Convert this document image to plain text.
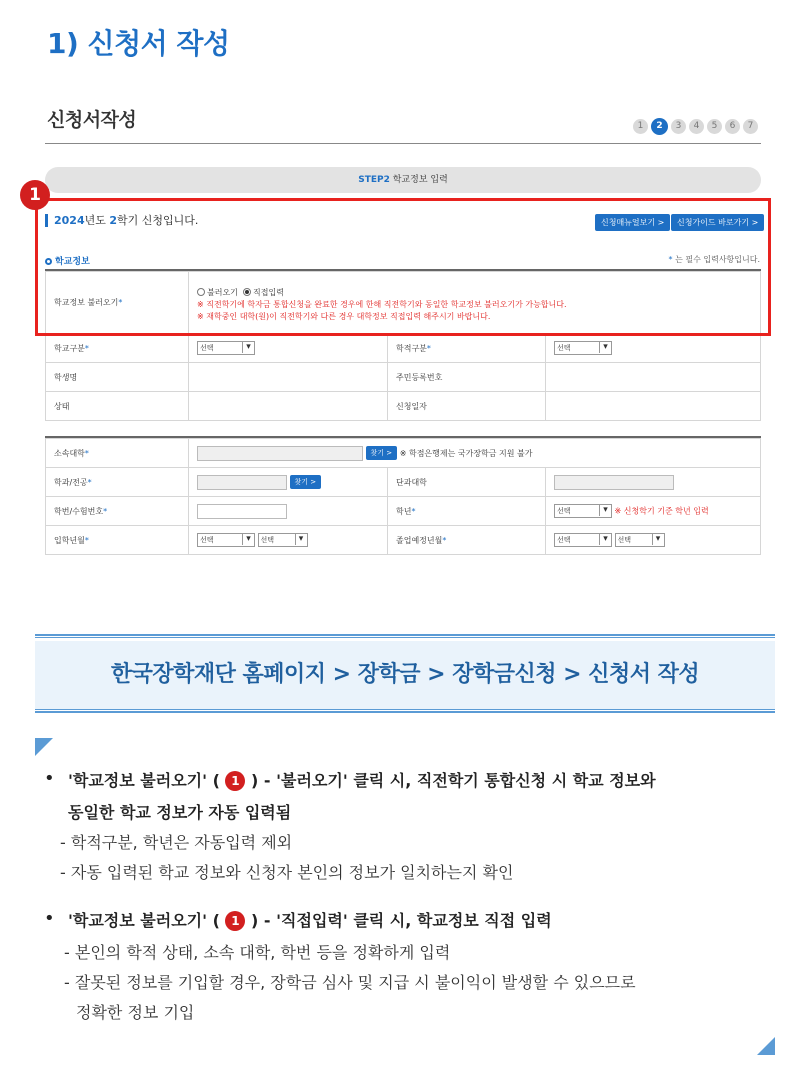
1) 신청서 작성
신청서작성	1	2	3	4	5	6	7
STEP2 학교정보 입력
2024년도 2학기 신청입니다.	신청매뉴얼보기 >	신청가이드 바로가기 >
학교정보	* 는 필수 입력사항입니다.
학교정보 불러오기*	불러오기 직접입력
※ 직전학기에 학자금 통합신청을 완료한 경우에 한해 직전학기와 동일한 학교정보 불러오기가 가능합니다.
※ 재학중인 대학(원)이 직전학기와 다른 경우 대학정보 직접입력 해주시기 바랍니다.		

학교구분*	선택 ▾	학적구분*	선택 ▾
학생명		주민등록번호	
상태		신청일자	
소속대학*	찾기 > ※ 학점은행제는 국가장학금 지원 불가		
학과/전공*	찾기 >	단과대학	
학번/수험번호*		학년*	선택 ▾ ※ 신청학기 기준 학년 입력
입학년월*	선택 ▾ 선택 ▾	졸업예정년월*	선택 ▾ 선택 ▾
1
한국장학재단 홈페이지 > 장학금 > 장학금신청 > 신청서 작성
• '학교정보 불러오기' ( 1 ) - '불러오기' 클릭 시, 직전학기 통합신청 시 학교 정보와
동일한 학교 정보가 자동 입력됨
- 학적구분, 학년은 자동입력 제외
- 자동 입력된 학교 정보와 신청자 본인의 정보가 일치하는지 확인
• '학교정보 불러오기' ( 1 ) - '직접입력' 클릭 시, 학교정보 직접 입력
- 본인의 학적 상태, 소속 대학, 학번 등을 정확하게 입력
- 잘못된 정보를 기입할 경우, 장학금 심사 및 지급 시 불이익이 발생할 수 있으므로
정확한 정보 기입
